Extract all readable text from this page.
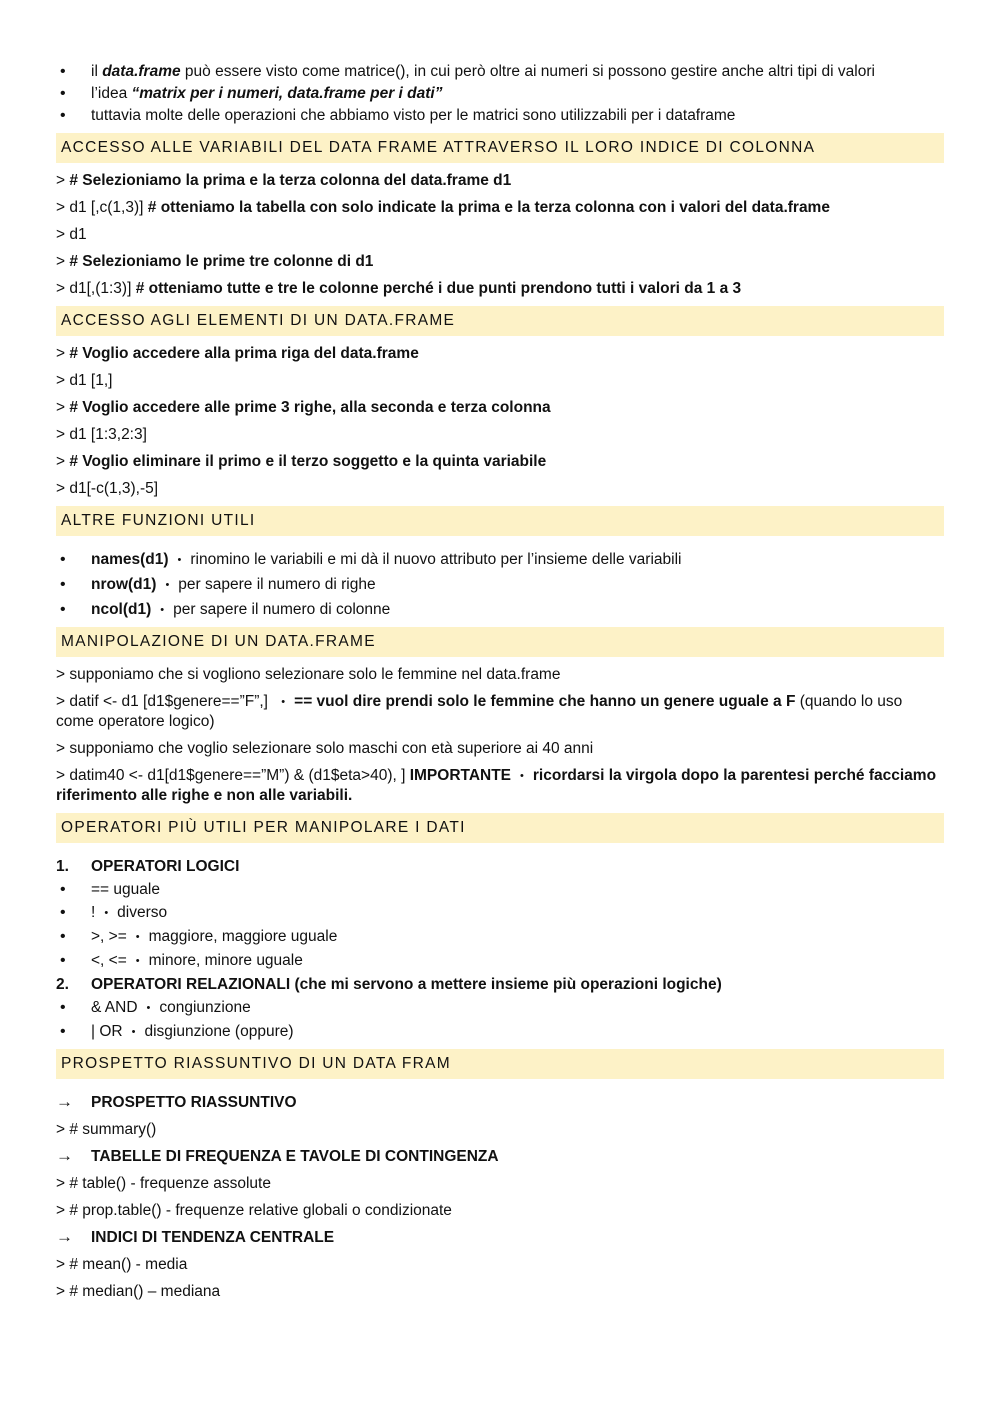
• il data.frame può essere visto come matrice(), in cui però oltre ai numeri si possono gestire anche altri tipi di valori
• l’idea “matrix per i numeri, data.frame per i dati”
• tuttavia molte delle operazioni che abbiamo visto per le matrici sono utilizzabili per i dataframe
ACCESSO ALLE VARIABILI DEL DATA FRAME ATTRAVERSO IL LORO INDICE DI COLONNA
> # Selezioniamo la prima e la terza colonna del data.frame d1
> d1 [,c(1,3)] # otteniamo la tabella con solo indicate la prima e la terza colonna con i valori del data.frame
> d1
> # Selezioniamo le prime tre colonne di d1
> d1[,(1:3)] # otteniamo tutte e tre le colonne perché i due punti prendono tutti i valori da 1 a 3
ACCESSO AGLI ELEMENTI DI UN DATA.FRAME
> # Voglio accedere alla prima riga del data.frame
> d1 [1,]
> # Voglio accedere alle prime 3 righe, alla seconda e terza colonna
> d1 [1:3,2:3]
> # Voglio eliminare il primo e il terzo soggetto e la quinta variabile
> d1[-c(1,3),-5]
ALTRE FUNZIONI UTILI
• names(d1) • rinomino le variabili e mi dà il nuovo attributo per l’insieme delle variabili
• nrow(d1) • per sapere il numero di righe
• ncol(d1) • per sapere il numero di colonne
MANIPOLAZIONE DI UN DATA.FRAME
> supponiamo che si vogliono selezionare solo le femmine nel data.frame
> datif <- d1 [d1$genere==”F”,] • == vuol dire prendi solo le femmine che hanno un genere uguale a F (quando lo uso come operatore logico)
> supponiamo che voglio selezionare solo maschi con età superiore ai 40 anni
> datim40 <- d1[d1$genere==”M”) & (d1$eta>40), ] IMPORTANTE • ricordarsi la virgola dopo la parentesi perché facciamo riferimento alle righe e non alle variabili.
OPERATORI PIÙ UTILI PER MANIPOLARE I DATI
1. OPERATORI LOGICI
• == uguale
• ! • diverso
• >, >= • maggiore, maggiore uguale
• <, <= • minore, minore uguale
2. OPERATORI RELAZIONALI (che mi servono a mettere insieme più operazioni logiche)
• & AND • congiunzione
• | OR • disgiunzione (oppure)
PROSPETTO RIASSUNTIVO DI UN DATA FRAM
→ PROSPETTO RIASSUNTIVO
> # summary()
→ TABELLE DI FREQUENZA E TAVOLE DI CONTINGENZA
> # table() - frequenze assolute
> # prop.table() - frequenze relative globali o condizionate
→ INDICI DI TENDENZA CENTRALE
> # mean() - media
> # median() – mediana
